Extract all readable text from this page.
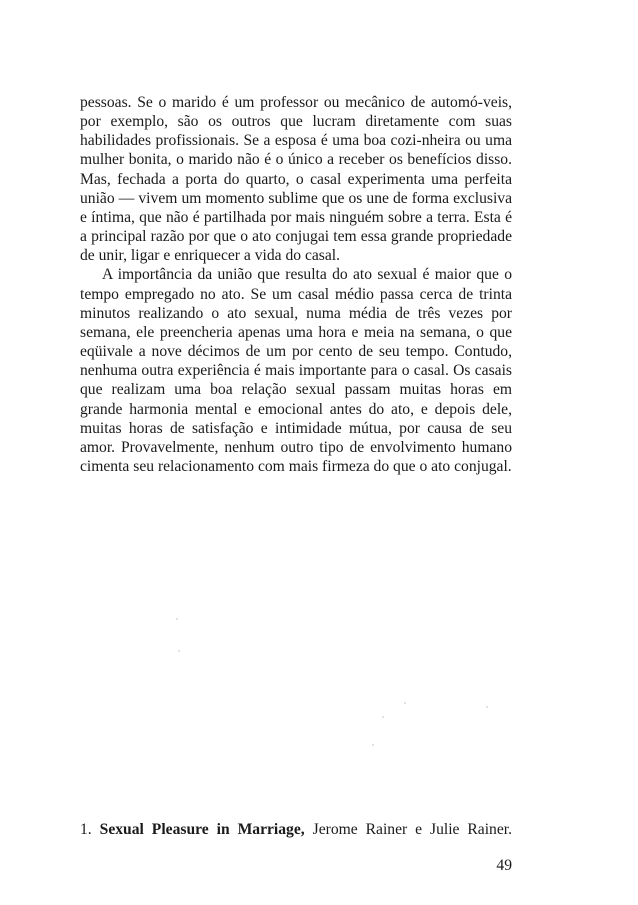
pessoas. Se o marido é um professor ou mecânico de automó-veis, por exemplo, são os outros que lucram diretamente com suas habilidades profissionais. Se a esposa é uma boa cozi-nheira ou uma mulher bonita, o marido não é o único a receber os benefícios disso. Mas, fechada a porta do quarto, o casal experimenta uma perfeita união — vivem um momento sublime que os une de forma exclusiva e íntima, que não é partilhada por mais ninguém sobre a terra. Esta é a principal razão por que o ato conjugai tem essa grande propriedade de unir, ligar e enriquecer a vida do casal.

A importância da união que resulta do ato sexual é maior que o tempo empregado no ato. Se um casal médio passa cerca de trinta minutos realizando o ato sexual, numa média de três vezes por semana, ele preencheria apenas uma hora e meia na semana, o que eqüivale a nove décimos de um por cento de seu tempo. Contudo, nenhuma outra experiência é mais importante para o casal. Os casais que realizam uma boa relação sexual passam muitas horas em grande harmonia mental e emocional antes do ato, e depois dele, muitas horas de satisfação e intimidade mútua, por causa de seu amor. Provavelmente, nenhum outro tipo de envolvimento humano cimenta seu relacionamento com mais firmeza do que o ato conjugal.

1. Sexual Pleasure in Marriage, Jerome Rainer e Julie Rainer.
49
